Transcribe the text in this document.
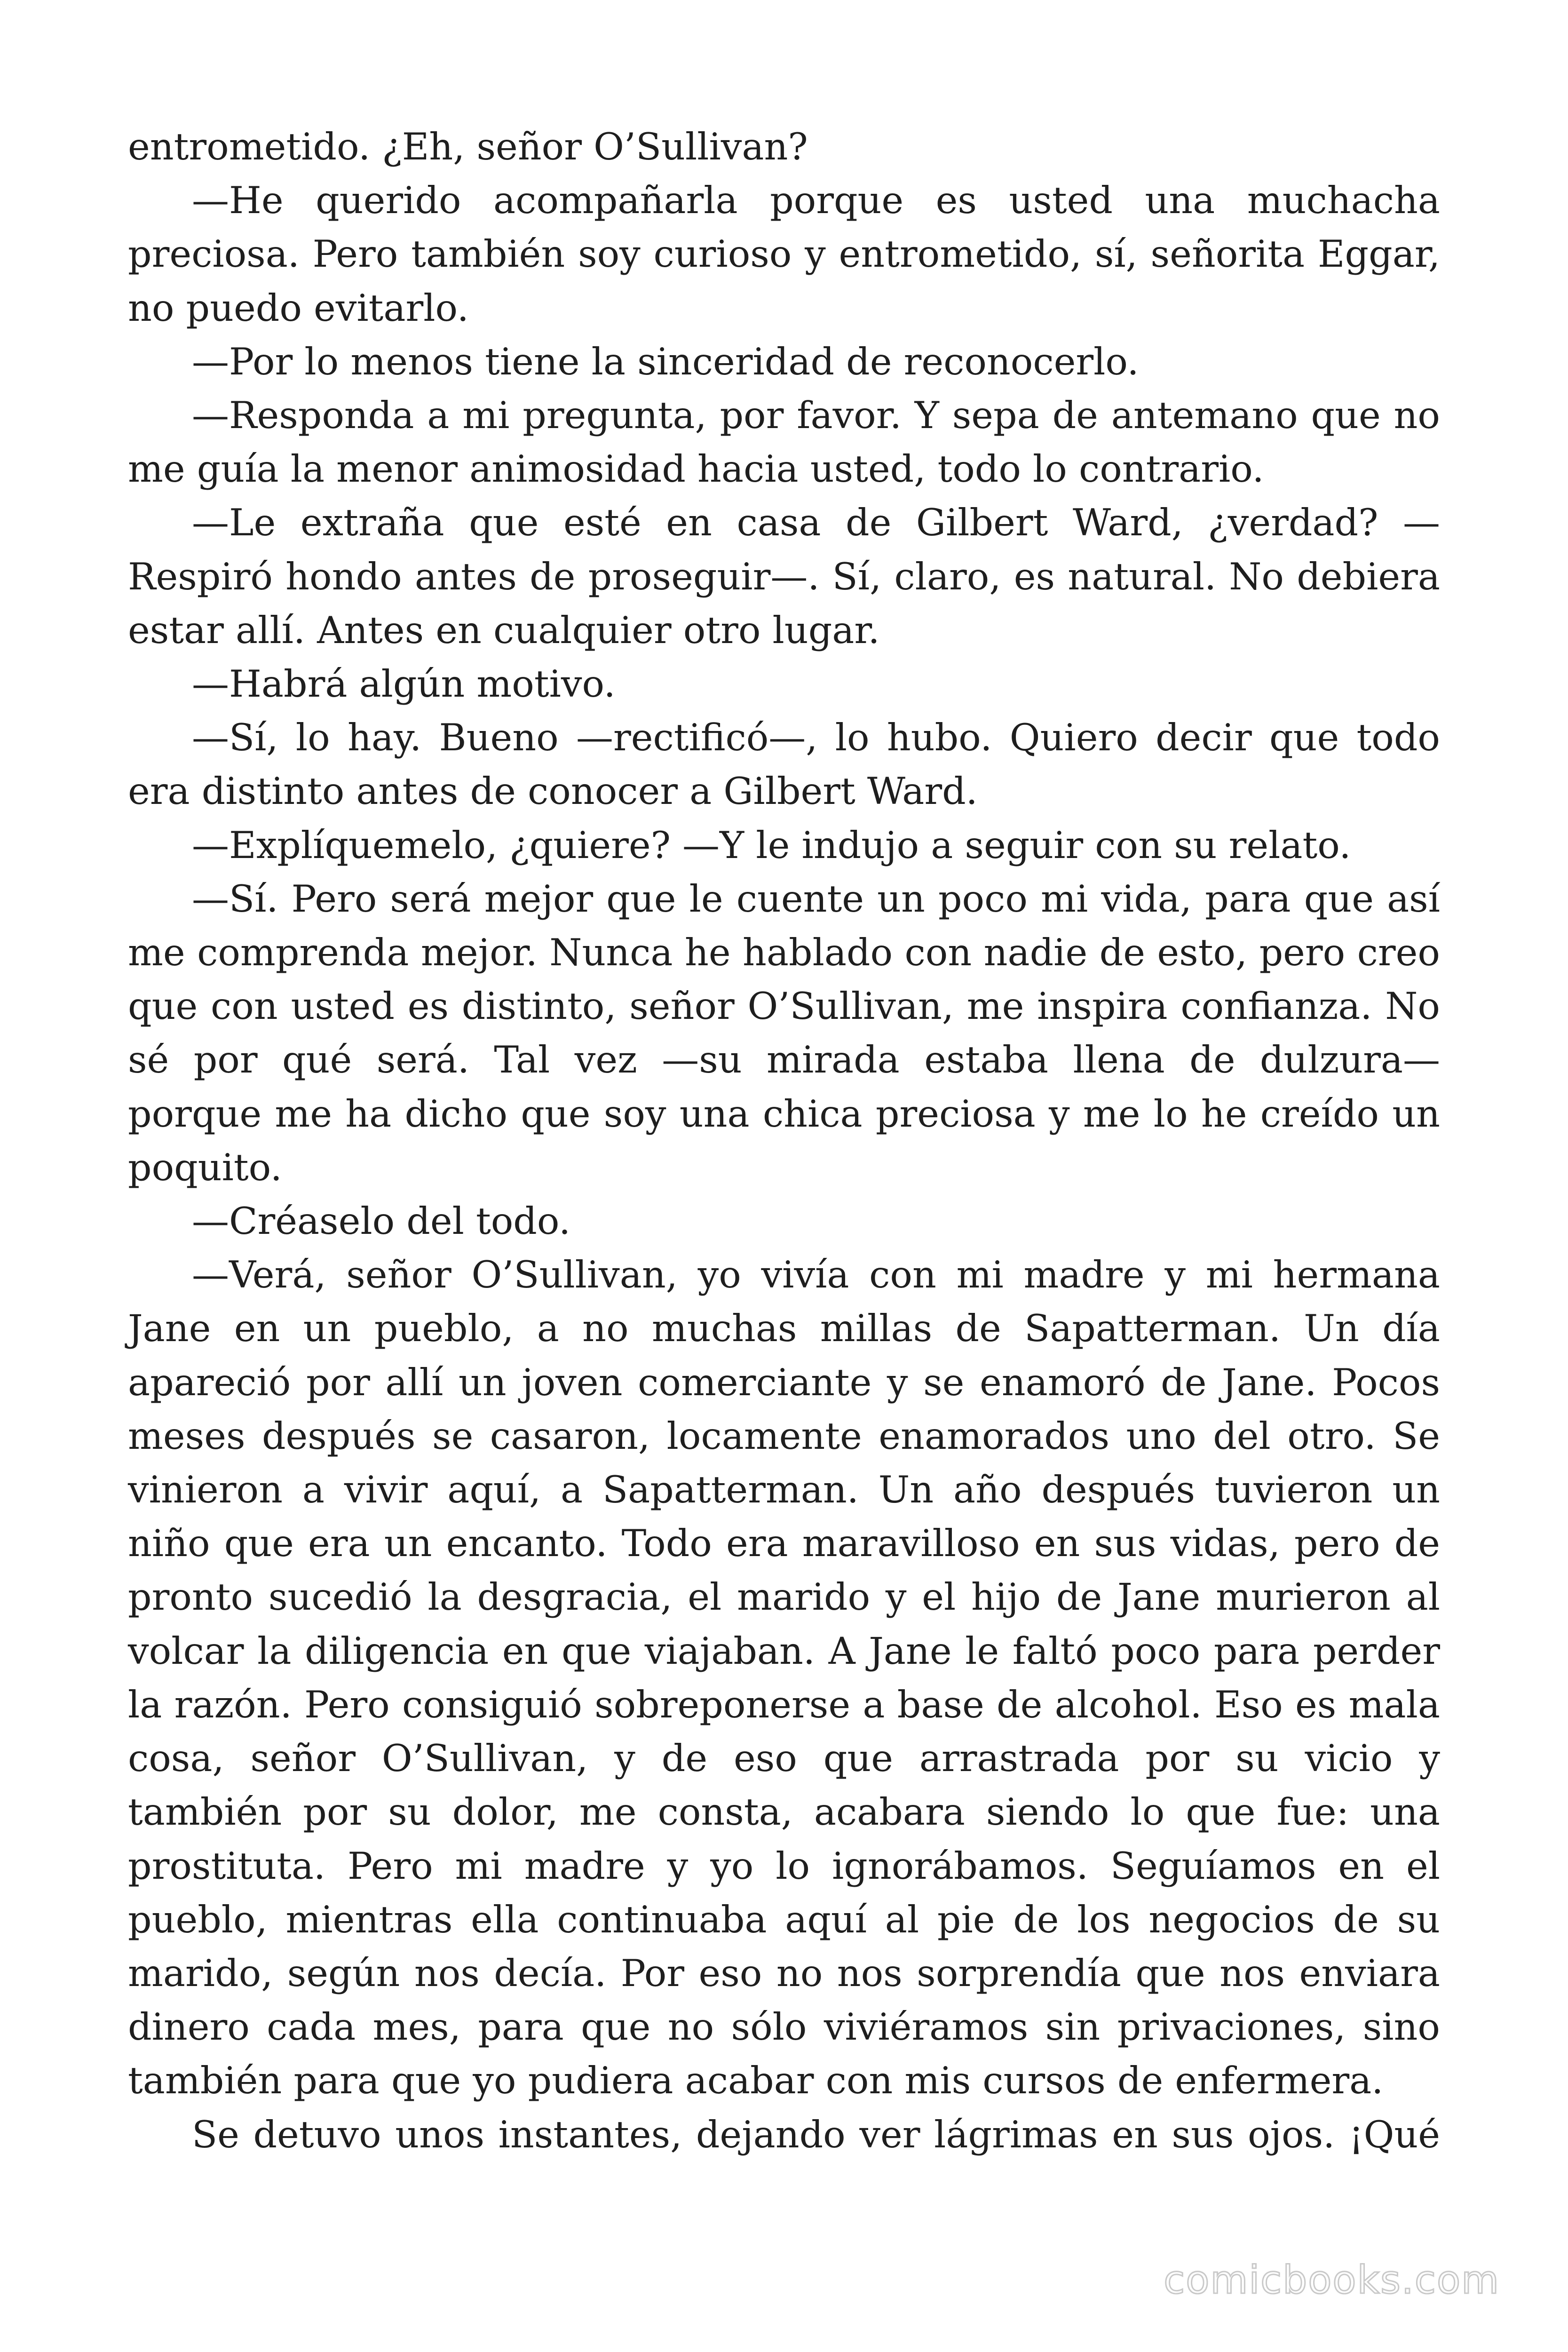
entrometido. ¿Eh, señor O’Sullivan?

—He querido acompañarla porque es usted una muchacha preciosa. Pero también soy curioso y entrometido, sí, señorita Eggar, no puedo evitarlo.

—Por lo menos tiene la sinceridad de reconocerlo.

—Responda a mi pregunta, por favor. Y sepa de antemano que no me guía la menor animosidad hacia usted, todo lo contrario.

—Le extraña que esté en casa de Gilbert Ward, ¿verdad? —Respiró hondo antes de proseguir—. Sí, claro, es natural. No debiera estar allí. Antes en cualquier otro lugar.

—Habrá algún motivo.

—Sí, lo hay. Bueno —rectificó—, lo hubo. Quiero decir que todo era distinto antes de conocer a Gilbert Ward.

—Explíquemelo, ¿quiere? —Y le indujo a seguir con su relato.

—Sí. Pero será mejor que le cuente un poco mi vida, para que así me comprenda mejor. Nunca he hablado con nadie de esto, pero creo que con usted es distinto, señor O’Sullivan, me inspira confianza. No sé por qué será. Tal vez —su mirada estaba llena de dulzura— porque me ha dicho que soy una chica preciosa y me lo he creído un poquito.

—Créaselo del todo.

—Verá, señor O’Sullivan, yo vivía con mi madre y mi hermana Jane en un pueblo, a no muchas millas de Sapatterman. Un día apareció por allí un joven comerciante y se enamoró de Jane. Pocos meses después se casaron, locamente enamorados uno del otro. Se vinieron a vivir aquí, a Sapatterman. Un año después tuvieron un niño que era un encanto. Todo era maravilloso en sus vidas, pero de pronto sucedió la desgracia, el marido y el hijo de Jane murieron al volcar la diligencia en que viajaban. A Jane le faltó poco para perder la razón. Pero consiguió sobreponerse a base de alcohol. Eso es mala cosa, señor O’Sullivan, y de eso que arrastrada por su vicio y también por su dolor, me consta, acabara siendo lo que fue: una prostituta. Pero mi madre y yo lo ignorábamos. Seguíamos en el pueblo, mientras ella continuaba aquí al pie de los negocios de su marido, según nos decía. Por eso no nos sorprendía que nos enviara dinero cada mes, para que no sólo viviéramos sin privaciones, sino también para que yo pudiera acabar con mis cursos de enfermera.

Se detuvo unos instantes, dejando ver lágrimas en sus ojos. ¡Qué

comicbooks.com
